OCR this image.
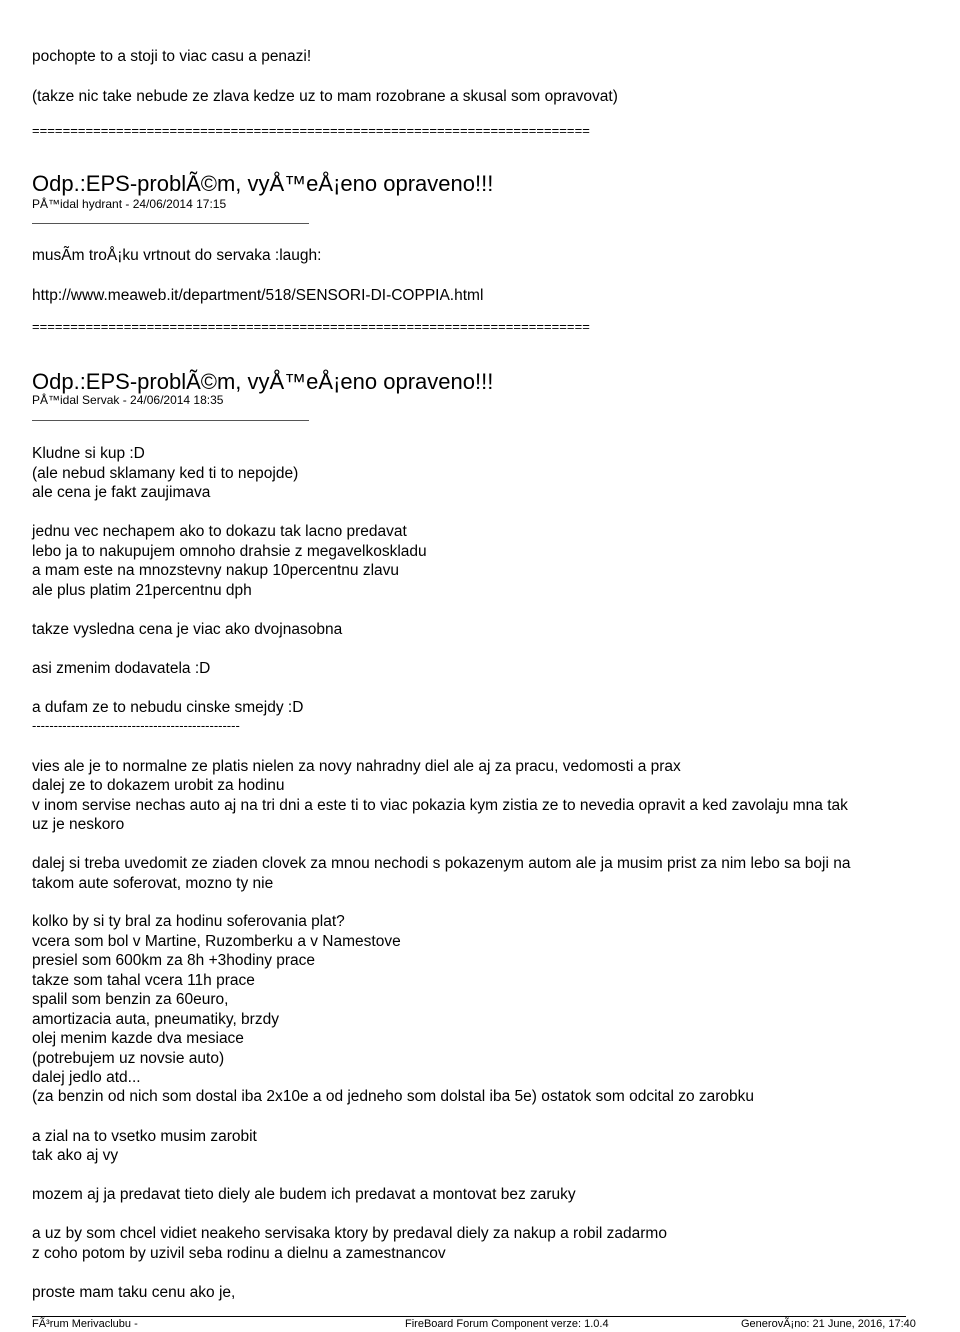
pochopte to a stoji to viac casu a penazi!
(takze nic take nebude ze zlava kedze uz to mam rozobrane a skusal som opravovat)
=========================================================================
Odp.:EPS-problÃ©m, vyÅ™eÅ¡eno opraveno!!!
PÅ™idal hydrant - 24/06/2014 17:15
musÃm troÅ¡ku vrtnout do servaka :laugh:
http://www.meaweb.it/department/518/SENSORI-DI-COPPIA.html
=========================================================================
Odp.:EPS-problÃ©m, vyÅ™eÅ¡eno opraveno!!!
PÅ™idal Servak - 24/06/2014 18:35
Kludne si kup :D
(ale nebud sklamany ked ti to nepojde)
ale cena je fakt zaujimava
jednu vec nechapem ako to dokazu tak lacno predavat
lebo ja to nakupujem omnoho drahsie z megavelkoskladu
a mam este na mnozstevny nakup 10percentnu zlavu
ale plus platim 21percentnu dph
takze vysledna cena je viac ako dvojnasobna
asi zmenim dodavatela :D
a dufam ze to nebudu cinske smejdy :D
------------------------------------------------
vies ale je to normalne ze platis nielen za novy nahradny diel ale aj za pracu, vedomosti a prax
dalej ze to dokazem urobit za hodinu
v inom servise nechas auto aj na tri dni a este ti to viac pokazia kym zistia ze to nevedia opravit a ked zavolaju mna tak
uz je neskoro
dalej si treba uvedomit ze ziaden clovek za mnou nechodi s pokazenym autom ale ja musim prist za nim lebo sa boji na
takom aute soferovat, mozno ty nie
kolko by si ty bral za hodinu soferovania plat?
vcera som bol v Martine, Ruzomberku a v Namestove
presiel som 600km za 8h +3hodiny prace
takze som tahal vcera 11h prace
spalil som benzin za 60euro,
amortizacia auta, pneumatiky, brzdy
olej menim kazde dva mesiace
(potrebujem uz novsie auto)
dalej jedlo atd...
(za benzin od nich som dostal iba 2x10e a od jedneho som dolstal iba 5e) ostatok som odcital zo zarobku
a zial na to vsetko musim zarobit
tak ako aj vy
mozem aj ja predavat tieto diely ale budem ich predavat a montovat bez zaruky
a uz by som chcel vidiet neakeho servisaka ktory by predaval diely za nakup a robil zadarmo
z coho potom by uzivil seba rodinu a dielnu a zamestnancov
proste mam taku cenu ako je,
FÃ³rum Merivaclubu -	FireBoard Forum Component verze: 1.0.4	GenerovÃ¡no: 21 June, 2016, 17:40
